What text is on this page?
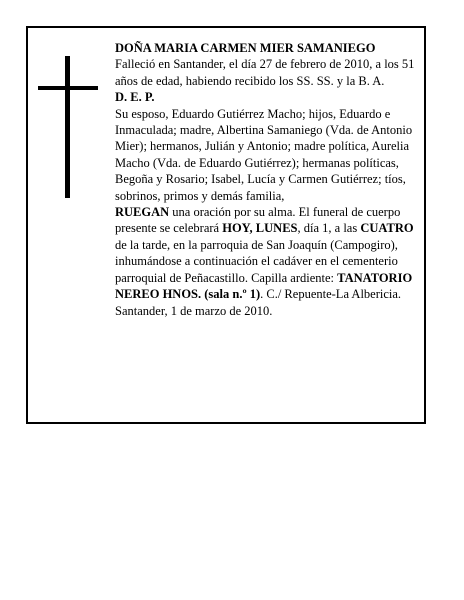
DOÑA MARIA CARMEN MIER SAMANIEGO

Falleció en Santander, el día 27 de febrero de 2010, a los 51 años de edad, habiendo recibido los SS. SS. y la B. A.

D. E. P.

Su esposo, Eduardo Gutiérrez Macho; hijos, Eduardo e Inmaculada; madre, Albertina Samaniego (Vda. de Antonio Mier); hermanos, Julián y Antonio; madre política, Aurelia Macho (Vda. de Eduardo Gutiérrez); hermanas políticas, Begoña y Rosario; Isabel, Lucía y Carmen Gutiérrez; tíos, sobrinos, primos y demás familia,

RUEGAN una oración por su alma. El funeral de cuerpo presente se celebrará HOY, LUNES, día 1, a las CUATRO de la tarde, en la parroquia de San Joaquín (Campogiro), inhumándose a continuación el cadáver en el cementerio parroquial de Peñacastillo. Capilla ardiente: TANATORIO NEREO HNOS. (sala n.º 1). C./ Repuente-La Albericia.

Santander, 1 de marzo de 2010.
